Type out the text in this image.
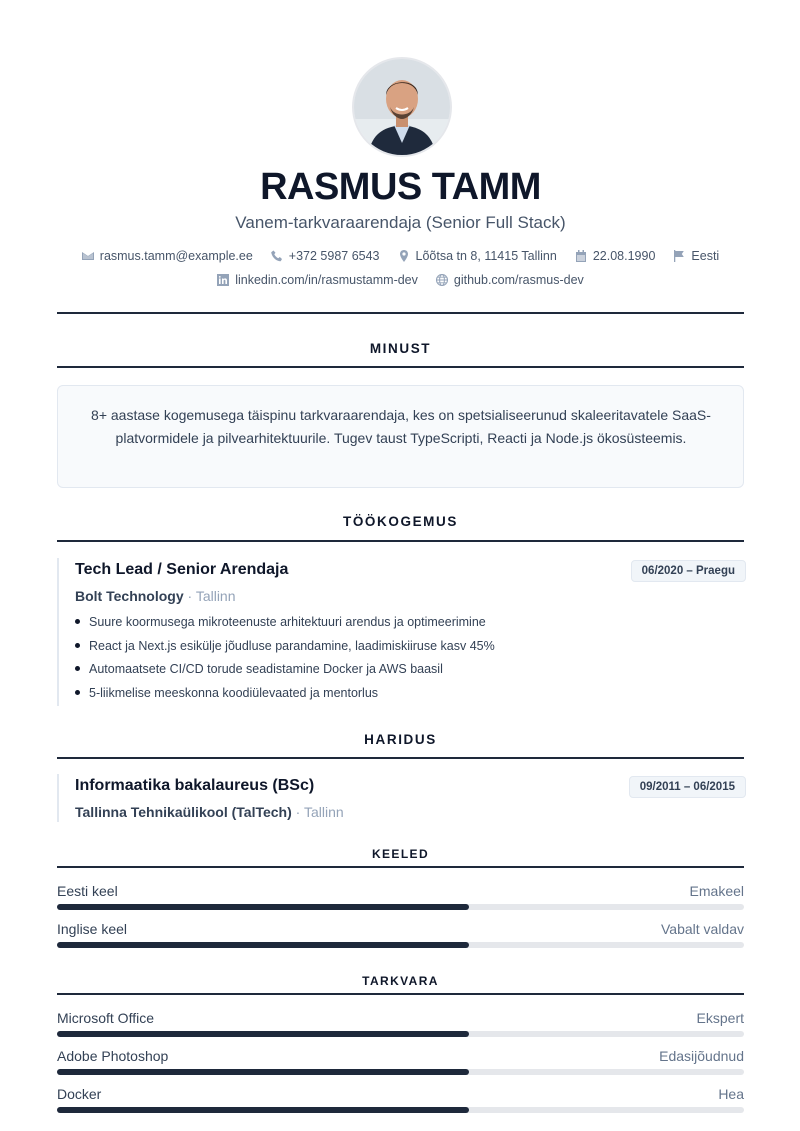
RASMUS TAMM
Vanem-tarkvaraarendaja (Senior Full Stack)
rasmus.tamm@example.ee	+372 5987 6543	Lõõtsa tn 8, 11415 Tallinn	22.08.1990	Eesti
linkedin.com/in/rasmustamm-dev	github.com/rasmus-dev
MINUST
8+ aastase kogemusega täispinu tarkvaraarendaja, kes on spetsialiseerunud skaleeritavatele SaaS-platvormidele ja pilvearhitektuurile. Tugev taust TypeScripti, Reacti ja Node.js ökosüsteemis.
TÖÖKOGEMUS
Tech Lead / Senior Arendaja	06/2020 – Praegu
Bolt Technology · Tallinn
Suure koormusega mikroteenuste arhitektuuri arendus ja optimeerimine
React ja Next.js esikülje jõudluse parandamine, laadimiskiiruse kasv 45%
Automaatsete CI/CD torude seadistamine Docker ja AWS baasil
5-liikmelise meeskonna koodiülevaated ja mentorlus
HARIDUS
Informaatika bakalaureus (BSc)	09/2011 – 06/2015
Tallinna Tehnikaülikool (TalTech) · Tallinn
KEELED
Eesti keel	Emakeel
Inglise keel	Vabalt valdav
TARKVARA
Microsoft Office	Ekspert
Adobe Photoshop	Edasijõudnud
Docker	Hea
